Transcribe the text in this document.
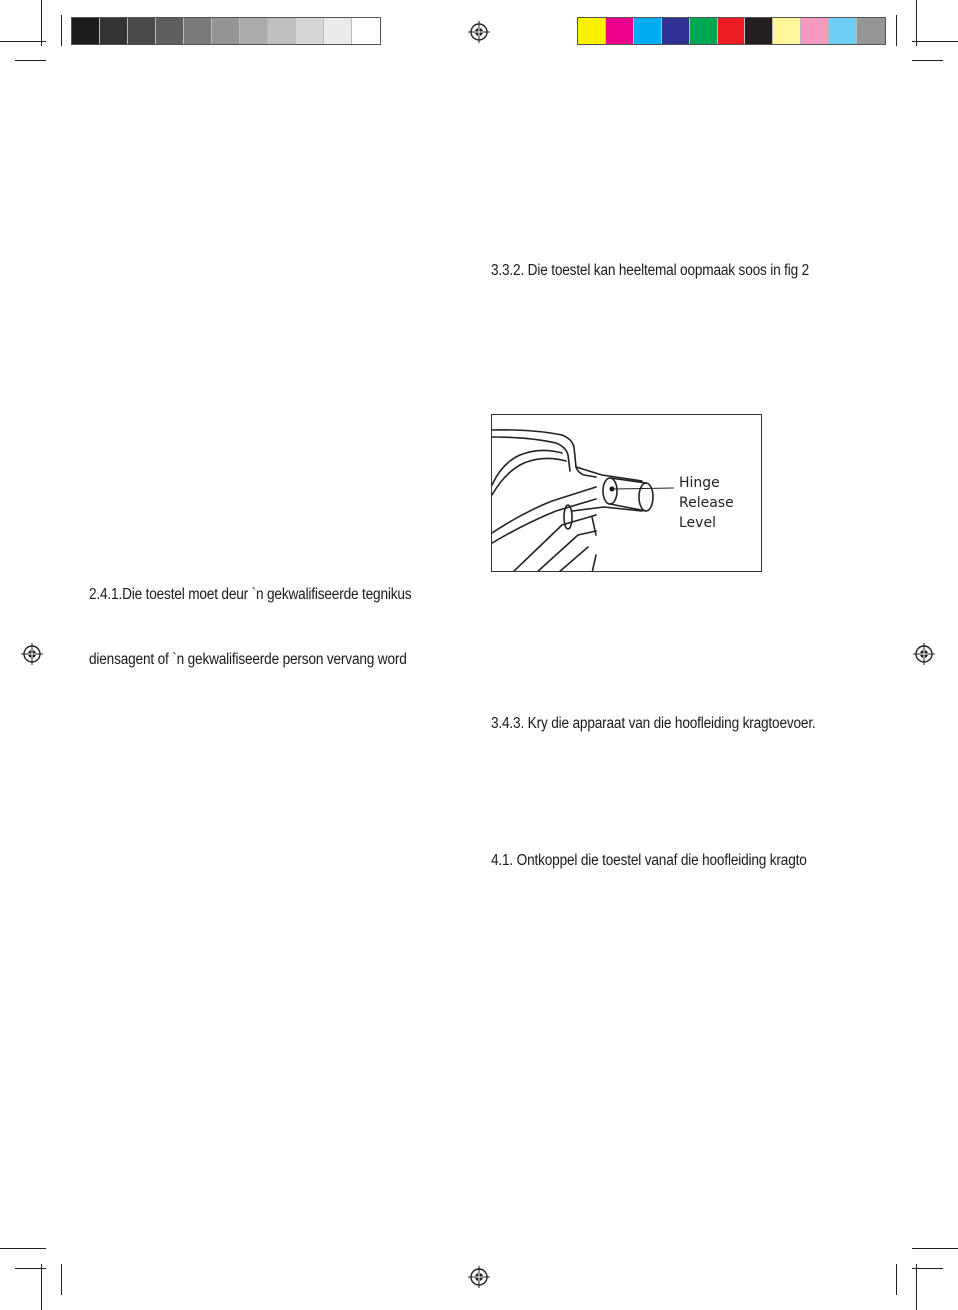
2.4.1.Die toestel moet deur `n gekwalifiseerde tegnikus
diensagent of `n gekwalifiseerde person vervang word
3.3.2. Die toestel kan heeltemal oopmaak soos in fig 2
3.4.3. Kry die apparaat van die hoofleiding kragtoevoer.
4.1. Ontkoppel die toestel vanaf die hoofleiding kragto
Hinge
Release
Level
